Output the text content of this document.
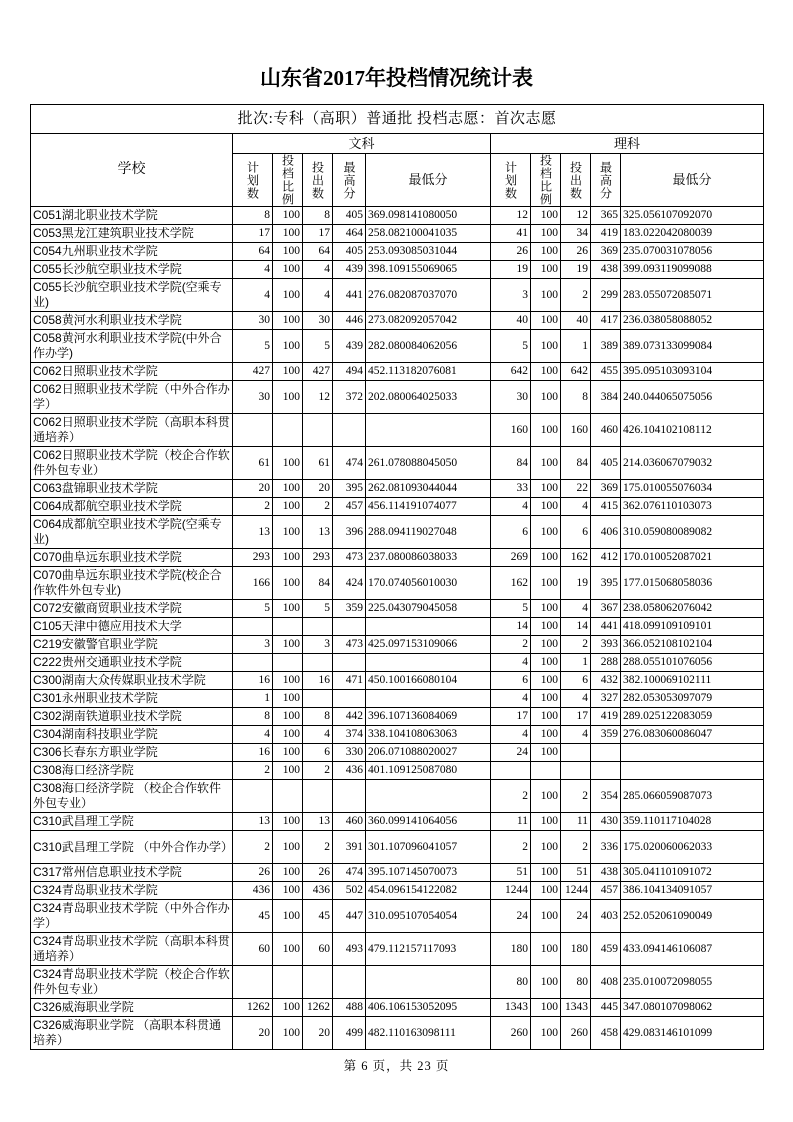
山东省2017年投档情况统计表
批次:专科（高职）普通批 投档志愿：首次志愿										
学校	文科					理科				

	计划数	投档比例	投出数	最高分	最低分	计划数	投档比例	投出数	最高分	最低分
C051湖北职业技术学院	8	100	8	405	369.098141080050	12	100	12	365	325.056107092070
C053黑龙江建筑职业技术学院	17	100	17	464	258.082100041035	41	100	34	419	183.022042080039
C054九州职业技术学院	64	100	64	405	253.093085031044	26	100	26	369	235.070031078056
C055长沙航空职业技术学院	4	100	4	439	398.109155069065	19	100	19	438	399.093119099088
C055长沙航空职业技术学院(空乘专业)	4	100	4	441	276.082087037070	3	100	2	299	283.055072085071
C058黄河水利职业技术学院	30	100	30	446	273.082092057042	40	100	40	417	236.038058088052
C058黄河水利职业技术学院(中外合作办学)	5	100	5	439	282.080084062056	5	100	1	389	389.073133099084
C062日照职业技术学院	427	100	427	494	452.113182076081	642	100	642	455	395.095103093104
C062日照职业技术学院（中外合作办学）	30	100	12	372	202.080064025033	30	100	8	384	240.044065075056
C062日照职业技术学院（高职本科贯通培养）						160	100	160	460	426.104102108112
C062日照职业技术学院（校企合作软件外包专业）	61	100	61	474	261.078088045050	84	100	84	405	214.036067079032
C063盘锦职业技术学院	20	100	20	395	262.081093044044	33	100	22	369	175.010055076034
C064成都航空职业技术学院	2	100	2	457	456.114191074077	4	100	4	415	362.076110103073
C064成都航空职业技术学院(空乘专业)	13	100	13	396	288.094119027048	6	100	6	406	310.059080089082
C070曲阜远东职业技术学院	293	100	293	473	237.080086038033	269	100	162	412	170.010052087021
C070曲阜远东职业技术学院(校企合作软件外包专业)	166	100	84	424	170.074056010030	162	100	19	395	177.015068058036
C072安徽商贸职业技术学院	5	100	5	359	225.043079045058	5	100	4	367	238.058062076042
C105天津中德应用技术大学						14	100	14	441	418.099109109101
C219安徽警官职业学院	3	100	3	473	425.097153109066	2	100	2	393	366.052108102104
C222贵州交通职业技术学院						4	100	1	288	288.055101076056
C300湖南大众传媒职业技术学院	16	100	16	471	450.100166080104	6	100	6	432	382.100069102111
C301永州职业技术学院	1	100				4	100	4	327	282.053053097079
C302湖南铁道职业技术学院	8	100	8	442	396.107136084069	17	100	17	419	289.025122083059
C304湖南科技职业学院	4	100	4	374	338.104108063063	4	100	4	359	276.083060086047
C306长春东方职业学院	16	100	6	330	206.071088020027	24	100			
C308海口经济学院	2	100	2	436	401.109125087080					
C308海口经济学院 （校企合作软件外包专业）						2	100	2	354	285.066059087073
C310武昌理工学院	13	100	13	460	360.099141064056	11	100	11	430	359.110117104028
C310武昌理工学院 （中外合作办学）	2	100	2	391	301.107096041057	2	100	2	336	175.020060062033
C317常州信息职业技术学院	26	100	26	474	395.107145070073	51	100	51	438	305.041101091072
C324青岛职业技术学院	436	100	436	502	454.096154122082	1244	100	1244	457	386.104134091057
C324青岛职业技术学院（中外合作办学）	45	100	45	447	310.095107054054	24	100	24	403	252.052061090049
C324青岛职业技术学院（高职本科贯通培养）	60	100	60	493	479.112157117093	180	100	180	459	433.094146106087
C324青岛职业技术学院（校企合作软件外包专业）						80	100	80	408	235.010072098055
C326威海职业学院	1262	100	1262	488	406.106153052095	1343	100	1343	445	347.080107098062
C326威海职业学院 （高职本科贯通培养）	20	100	20	499	482.110163098111	260	100	260	458	429.083146101099
第 6 页，共 23 页
